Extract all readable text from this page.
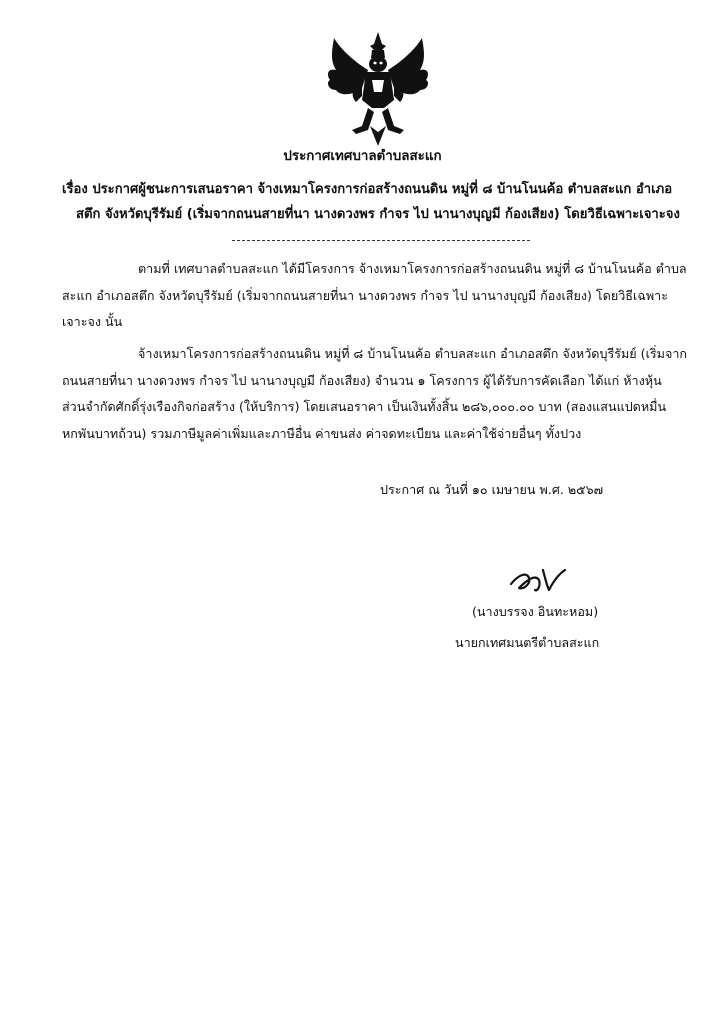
ประกาศเทศบาลตำบลสะแก
เรื่อง ประกาศผู้ชนะการเสนอราคา จ้างเหมาโครงการก่อสร้างถนนดิน หมู่ที่ ๘ บ้านโนนค้อ ตำบลสะแก อำเภอ
สตึก จังหวัดบุรีรัมย์ (เริ่มจากถนนสายที่นา นางดวงพร กำจร ไป นานางบุญมี ก้องเสียง) โดยวิธีเฉพาะเจาะจง
ตามที่ เทศบาลตำบลสะแก ได้มีโครงการ จ้างเหมาโครงการก่อสร้างถนนดิน หมู่ที่ ๘ บ้านโนนค้อ ตำบล
สะแก อำเภอสตึก จังหวัดบุรีรัมย์ (เริ่มจากถนนสายที่นา นางดวงพร กำจร ไป นานางบุญมี ก้องเสียง) โดยวิธีเฉพาะ
เจาะจง นั้น
จ้างเหมาโครงการก่อสร้างถนนดิน หมู่ที่ ๘ บ้านโนนค้อ ตำบลสะแก อำเภอสตึก จังหวัดบุรีรัมย์ (เริ่มจาก
ถนนสายที่นา นางดวงพร กำจร ไป นานางบุญมี ก้องเสียง) จำนวน ๑ โครงการ ผู้ได้รับการคัดเลือก ได้แก่ ห้างหุ้น
ส่วนจำกัดศักดิ์รุ่งเรืองกิจก่อสร้าง (ให้บริการ) โดยเสนอราคา เป็นเงินทั้งสิ้น ๒๘๖,๐๐๐.๐๐ บาท (สองแสนแปดหมื่น
หกพันบาทถ้วน) รวมภาษีมูลค่าเพิ่มและภาษีอื่น ค่าขนส่ง ค่าจดทะเบียน และค่าใช้จ่ายอื่นๆ ทั้งปวง
ประกาศ ณ วันที่ ๑๐ เมษายน พ.ศ. ๒๕๖๗
(นางบรรจง อินทะหอม)
นายกเทศมนตรีตำบลสะแก
